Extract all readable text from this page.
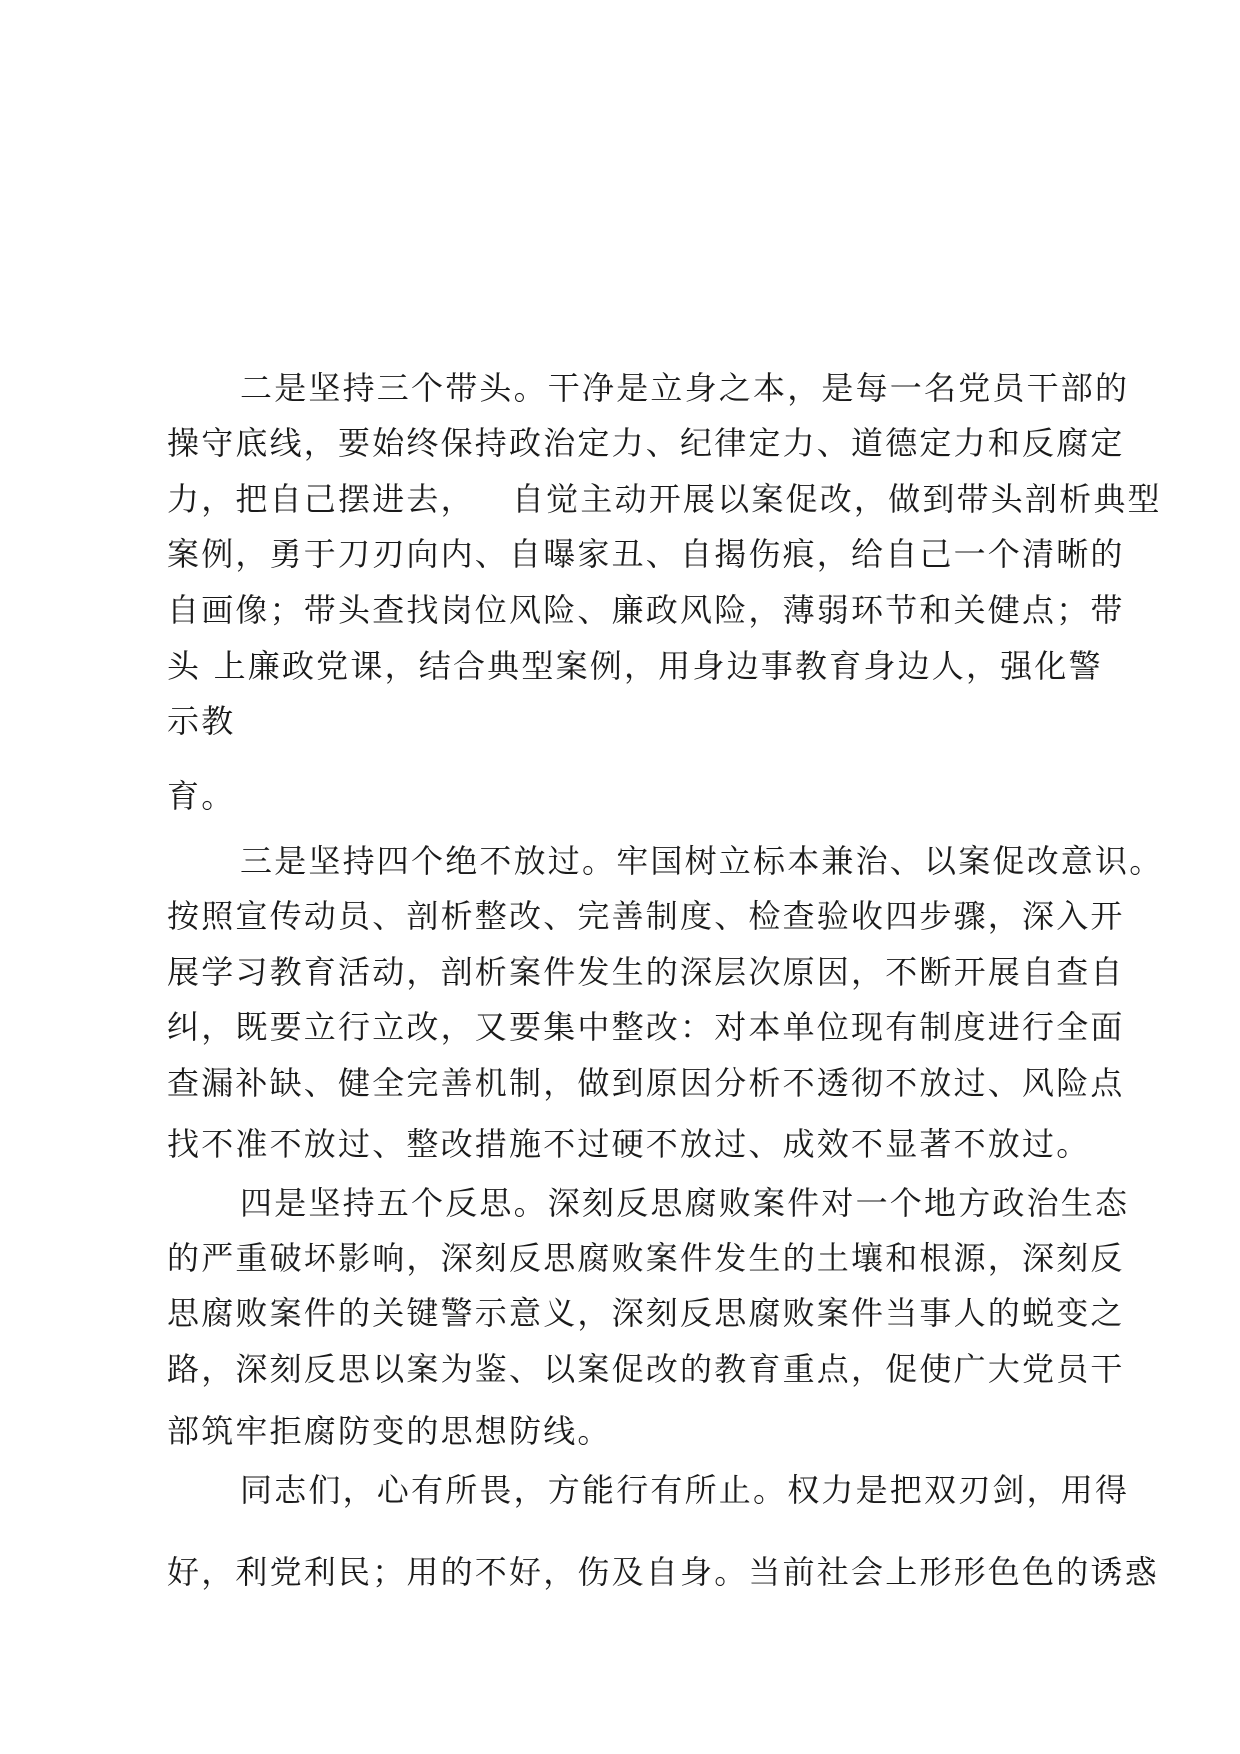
二是坚持三个带头。干净是立身之本，是每一名党员干部的
操守底线，要始终保持政治定力、纪律定力、道德定力和反腐定
力，把自己摆进去，   自觉主动开展以案促改，做到带头剖析典型
案例，勇于刀刃向内、自曝家丑、自揭伤痕，给自己一个清晰的
自画像；带头查找岗位风险、廉政风险，薄弱环节和关健点；带
头 上廉政党课，结合典型案例，用身边事教育身边人，强化警
示教
育。
三是坚持四个绝不放过。牢国树立标本兼治、以案促改意识。
按照宣传动员、剖析整改、完善制度、检查验收四步骤，深入开
展学习教育活动，剖析案件发生的深层次原因，不断开展自查自
纠，既要立行立改，又要集中整改：对本单位现有制度进行全面
查漏补缺、健全完善机制，做到原因分析不透彻不放过、风险点
找不准不放过、整改措施不过硬不放过、成效不显著不放过。
四是坚持五个反思。深刻反思腐败案件对一个地方政治生态
的严重破坏影响，深刻反思腐败案件发生的土壤和根源，深刻反
思腐败案件的关键警示意义，深刻反思腐败案件当事人的蜕变之
路，深刻反思以案为鉴、以案促改的教育重点，促使广大党员干
部筑牢拒腐防变的思想防线。
同志们，心有所畏，方能行有所止。权力是把双刃剑，用得
好，利党利民；用的不好，伤及自身。当前社会上形形色色的诱惑
